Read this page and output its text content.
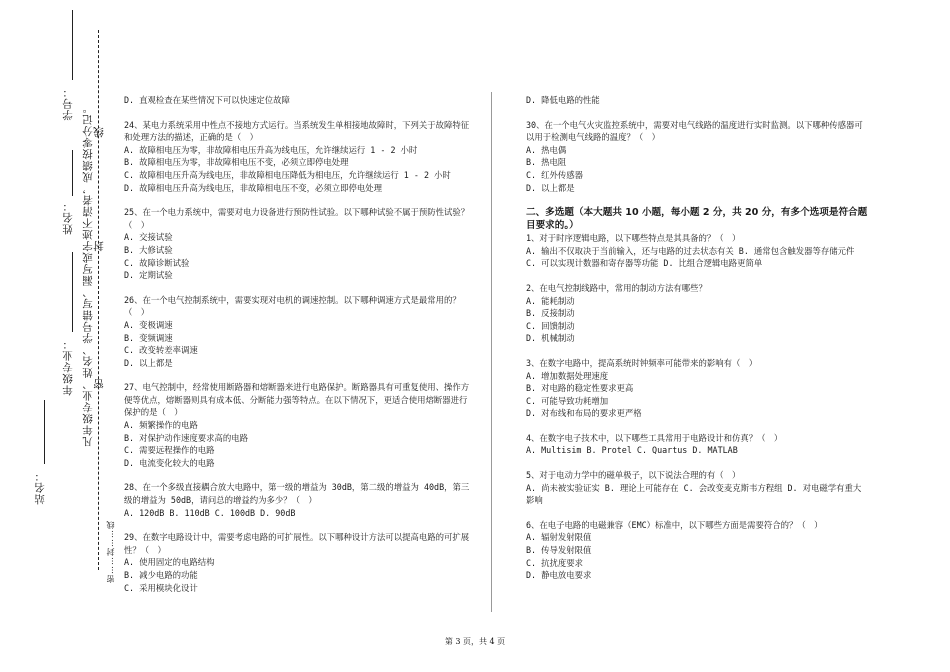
学号：
姓名：
年级专业：
站名：
凡年级专业、姓名、学号错写、漏写或字迹不清者，成绩按零分记。 线
封
密
密……封……线
D. 直观检查在某些情况下可以快速定位故障
24、某电力系统采用中性点不接地方式运行。当系统发生单相接地故障时，下列关于故障特征和处理方法的描述，正确的是（　）
A. 故障相电压为零，非故障相电压升高为线电压，允许继续运行 1 - 2 小时
B. 故障相电压为零，非故障相电压不变，必须立即停电处理
C. 故障相电压升高为线电压，非故障相电压降低为相电压，允许继续运行 1 - 2 小时
D. 故障相电压升高为线电压，非故障相电压不变，必须立即停电处理
25、在一个电力系统中，需要对电力设备进行预防性试验。以下哪种试验不属于预防性试验？（　）
A. 交接试验
B. 大修试验
C. 故障诊断试验
D. 定期试验
26、在一个电气控制系统中，需要实现对电机的调速控制。以下哪种调速方式是最常用的？（　）
A. 变极调速
B. 变频调速
C. 改变转差率调速
D. 以上都是
27、电气控制中，经常使用断路器和熔断器来进行电路保护。断路器具有可重复使用、操作方便等优点，熔断器则具有成本低、分断能力强等特点。在以下情况下，更适合使用熔断器进行保护的是（　）
A. 频繁操作的电路
B. 对保护动作速度要求高的电路
C. 需要远程操作的电路
D. 电流变化较大的电路
28、在一个多级直接耦合放大电路中，第一级的增益为 30dB，第二级的增益为 40dB，第三级的增益为 50dB，请问总的增益约为多少？（　）
A. 120dB B. 110dB C. 100dB D. 90dB
29、在数字电路设计中，需要考虑电路的可扩展性。以下哪种设计方法可以提高电路的可扩展性？（　）
A. 使用固定的电路结构
B. 减少电路的功能
C. 采用模块化设计
D. 降低电路的性能
30、在一个电气火灾监控系统中，需要对电气线路的温度进行实时监测。以下哪种传感器可以用于检测电气线路的温度？（　）
A. 热电偶
B. 热电阻
C. 红外传感器
D. 以上都是
二、多选题（本大题共 10 小题，每小题 2 分，共 20 分，有多个选项是符合题目要求的。）
1、对于时序逻辑电路，以下哪些特点是其具备的？（　）
A. 输出不仅取决于当前输入，还与电路的过去状态有关 B. 通常包含触发器等存储元件
C. 可以实现计数器和寄存器等功能 D. 比组合逻辑电路更简单
2、在电气控制线路中，常用的制动方法有哪些？
A. 能耗制动
B. 反接制动
C. 回馈制动
D. 机械制动
3、在数字电路中，提高系统时钟频率可能带来的影响有（　）
A. 增加数据处理速度
B. 对电路的稳定性要求更高
C. 可能导致功耗增加
D. 对布线和布局的要求更严格
4、在数字电子技术中，以下哪些工具常用于电路设计和仿真？（　）
A. Multisim B. Protel C. Quartus D. MATLAB
5、对于电动力学中的磁单极子，以下说法合理的有（　）
A. 尚未被实验证实 B. 理论上可能存在 C. 会改变麦克斯韦方程组 D. 对电磁学有重大影响
6、在电子电路的电磁兼容（EMC）标准中，以下哪些方面是需要符合的？（　）
A. 辐射发射限值
B. 传导发射限值
C. 抗扰度要求
D. 静电放电要求
第 3 页，共 4 页
